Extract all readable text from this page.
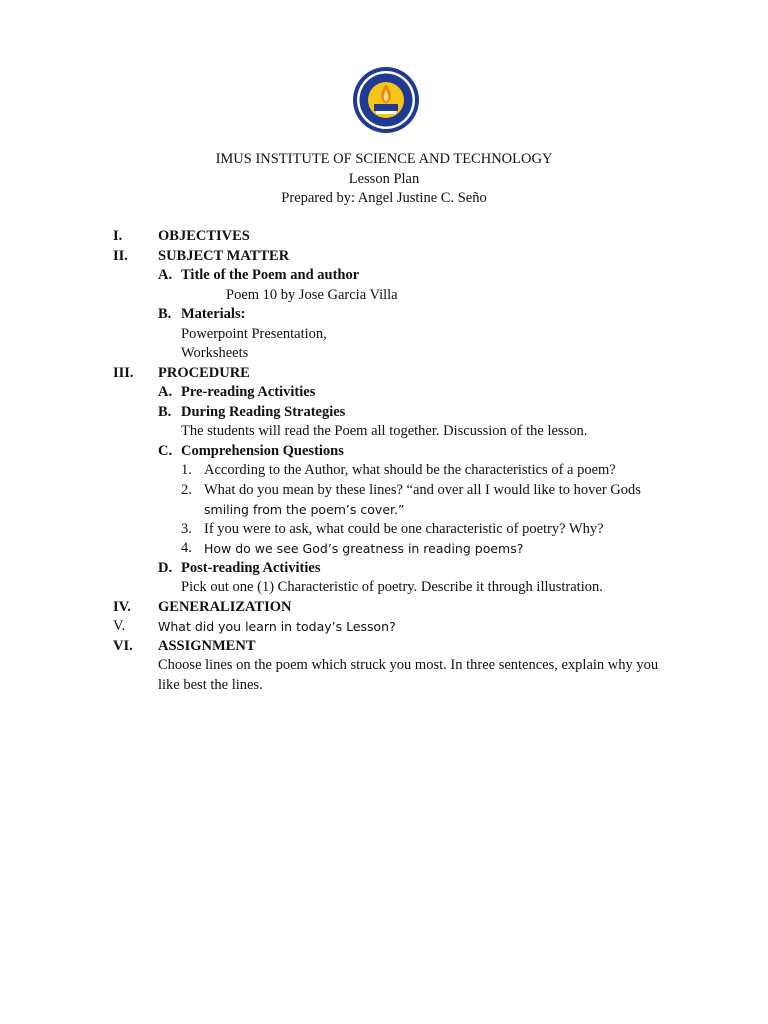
IMUS INSTITUTE OF SCIENCE AND TECHNOLOGY
Lesson Plan
Prepared by: Angel Justine C. Seño
I. OBJECTIVES
II. SUBJECT MATTER
A. Title of the Poem and author
Poem 10 by Jose Garcia Villa
B. Materials:
Powerpoint Presentation,
Worksheets
III. PROCEDURE
A. Pre-reading Activities
B. During Reading Strategies
The students will read the Poem all together. Discussion of the lesson.
C. Comprehension Questions
1. According to the Author, what should be the characteristics of a poem?
2. What do you mean by these lines? “and over all I would like to hover Gods
smiling from the poem’s cover.”
3. If you were to ask, what could be one characteristic of poetry? Why?
4. How do we see God’s greatness in reading poems?
D. Post-reading Activities
Pick out one (1) Characteristic of poetry. Describe it through illustration.
IV. GENERALIZATION
V.	What did you learn in today’s Lesson?
VI. ASSIGNMENT
Choose lines on the poem which struck you most. In three sentences, explain why you
like best the lines.
